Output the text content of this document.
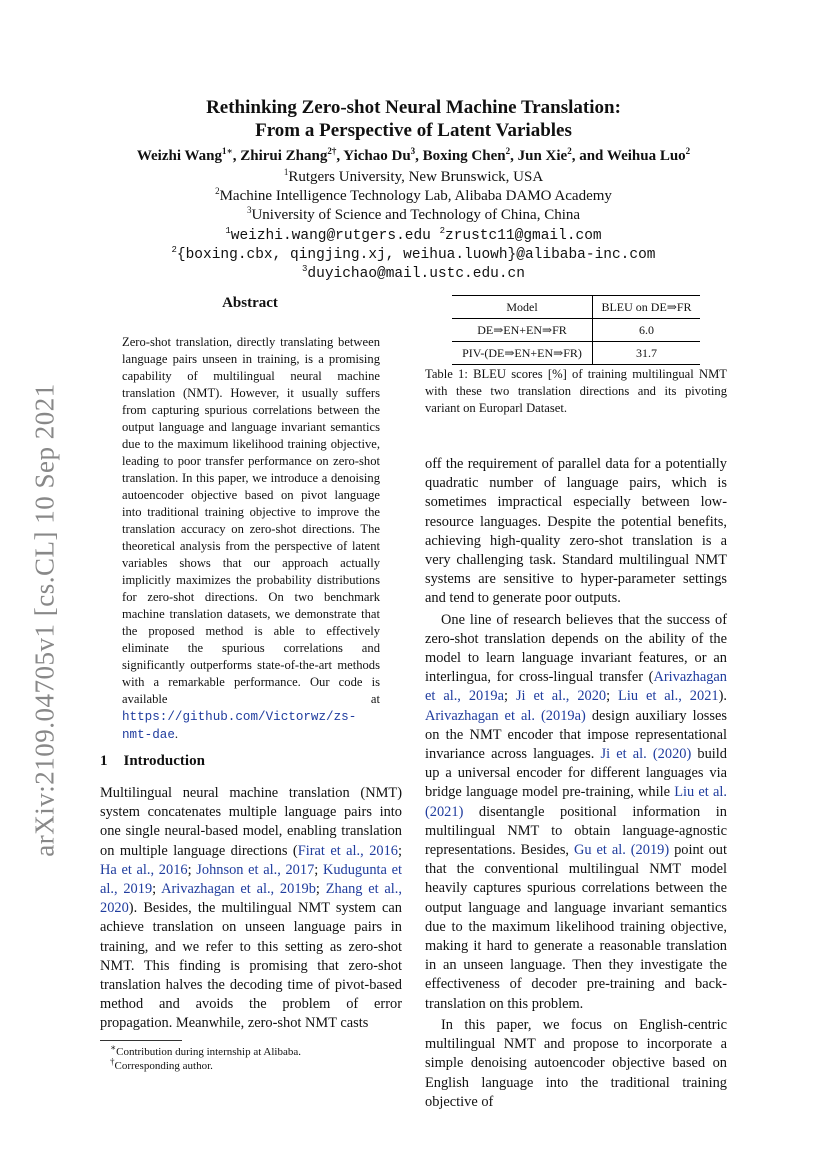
arXiv:2109.04705v1 [cs.CL] 10 Sep 2021
Rethinking Zero-shot Neural Machine Translation:
From a Perspective of Latent Variables
Weizhi Wang$^{1∗}$, Zhirui Zhang$^{2\dagger}$, Yichao Du$^3$, Boxing Chen$^2$, Jun Xie$^2$, and Weihua Luo$^2$
$^1$Rutgers University, New Brunswick, USA
$^2$Machine Intelligence Technology Lab, Alibaba DAMO Academy
$^3$University of Science and Technology of China, China
$^1$weizhi.wang@rutgers.edu $^2$zrustc11@gmail.com
$^2${boxing.cbx, qingjing.xj, weihua.luowh}@alibaba-inc.com
$^3$duyichao@mail.ustc.edu.cn
Abstract
Zero-shot translation, directly translating between language pairs unseen in training, is a promising capability of multilingual neural machine translation (NMT). However, it usually suffers from capturing spurious correlations between the output language and language invariant semantics due to the maximum likelihood training objective, leading to poor transfer performance on zero-shot translation. In this paper, we introduce a denoising autoencoder objective based on pivot language into traditional training objective to improve the translation accuracy on zero-shot directions. The theoretical analysis from the perspective of latent variables shows that our approach actually implicitly maximizes the probability distributions for zero-shot directions. On two benchmark machine translation datasets, we demonstrate that the proposed method is able to effectively eliminate the spurious correlations and significantly outperforms state-of-the-art methods with a remarkable performance. Our code is available at https://github.com/Victorwz/zs-nmt-dae.
1 Introduction
Multilingual neural machine translation (NMT) system concatenates multiple language pairs into one single neural-based model, enabling translation on multiple language directions (Firat et al., 2016; Ha et al., 2016; Johnson et al., 2017; Kudugunta et al., 2019; Arivazhagan et al., 2019b; Zhang et al., 2020). Besides, the multilingual NMT system can achieve translation on unseen language pairs in training, and we refer to this setting as zero-shot NMT. This finding is promising that zero-shot translation halves the decoding time of pivot-based method and avoids the problem of error propagation. Meanwhile, zero-shot NMT casts
∗Contribution during internship at Alibaba.
†Corresponding author.
Model	BLEU on DE⇒FR
DE⇒EN+EN⇒FR	6.0
PIV-(DE⇒EN+EN⇒FR)	31.7
Table 1: BLEU scores [%] of training multilingual NMT with these two translation directions and its pivoting variant on Europarl Dataset.
off the requirement of parallel data for a potentially quadratic number of language pairs, which is sometimes impractical especially between low-resource languages. Despite the potential benefits, achieving high-quality zero-shot translation is a very challenging task. Standard multilingual NMT systems are sensitive to hyper-parameter settings and tend to generate poor outputs.
One line of research believes that the success of zero-shot translation depends on the ability of the model to learn language invariant features, or an interlingua, for cross-lingual transfer (Arivazhagan et al., 2019a; Ji et al., 2020; Liu et al., 2021). Arivazhagan et al. (2019a) design auxiliary losses on the NMT encoder that impose representational invariance across languages. Ji et al. (2020) build up a universal encoder for different languages via bridge language model pre-training, while Liu et al. (2021) disentangle positional information in multilingual NMT to obtain language-agnostic representations. Besides, Gu et al. (2019) point out that the conventional multilingual NMT model heavily captures spurious correlations between the output language and language invariant semantics due to the maximum likelihood training objective, making it hard to generate a reasonable translation in an unseen language. Then they investigate the effectiveness of decoder pre-training and back-translation on this problem.
In this paper, we focus on English-centric multilingual NMT and propose to incorporate a simple denoising autoencoder objective based on English language into the traditional training objective of
